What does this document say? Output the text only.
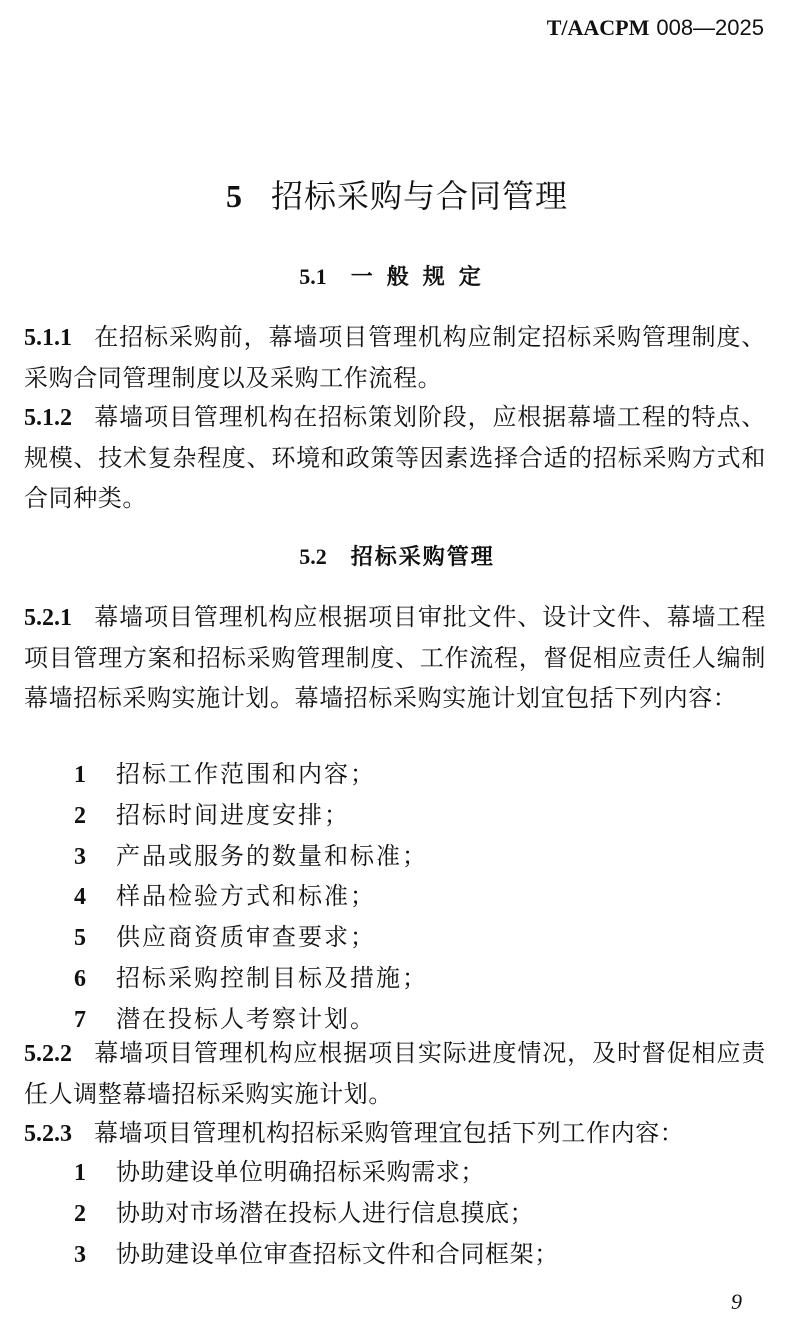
T/AACPM 008—2025
5 招标采购与合同管理
5.1 一般规定

5.1.1 在招标采购前，幕墙项目管理机构应制定招标采购管理制度、采购合同管理制度以及采购工作流程。

5.1.2 幕墙项目管理机构在招标策划阶段，应根据幕墙工程的特点、规模、技术复杂程度、环境和政策等因素选择合适的招标采购方式和合同种类。

5.2 招标采购管理

5.2.1 幕墙项目管理机构应根据项目审批文件、设计文件、幕墙工程项目管理方案和招标采购管理制度、工作流程，督促相应责任人编制幕墙招标采购实施计划。幕墙招标采购实施计划宜包括下列内容：

1 招标工作范围和内容；
2 招标时间进度安排；
3 产品或服务的数量和标准；
4 样品检验方式和标准；
5 供应商资质审查要求；
6 招标采购控制目标及措施；
7 潜在投标人考察计划。

5.2.2 幕墙项目管理机构应根据项目实际进度情况，及时督促相应责任人调整幕墙招标采购实施计划。

5.2.3 幕墙项目管理机构招标采购管理宜包括下列工作内容：

1 协助建设单位明确招标采购需求；
2 协助对市场潜在投标人进行信息摸底；
3 协助建设单位审查招标文件和合同框架；
9
